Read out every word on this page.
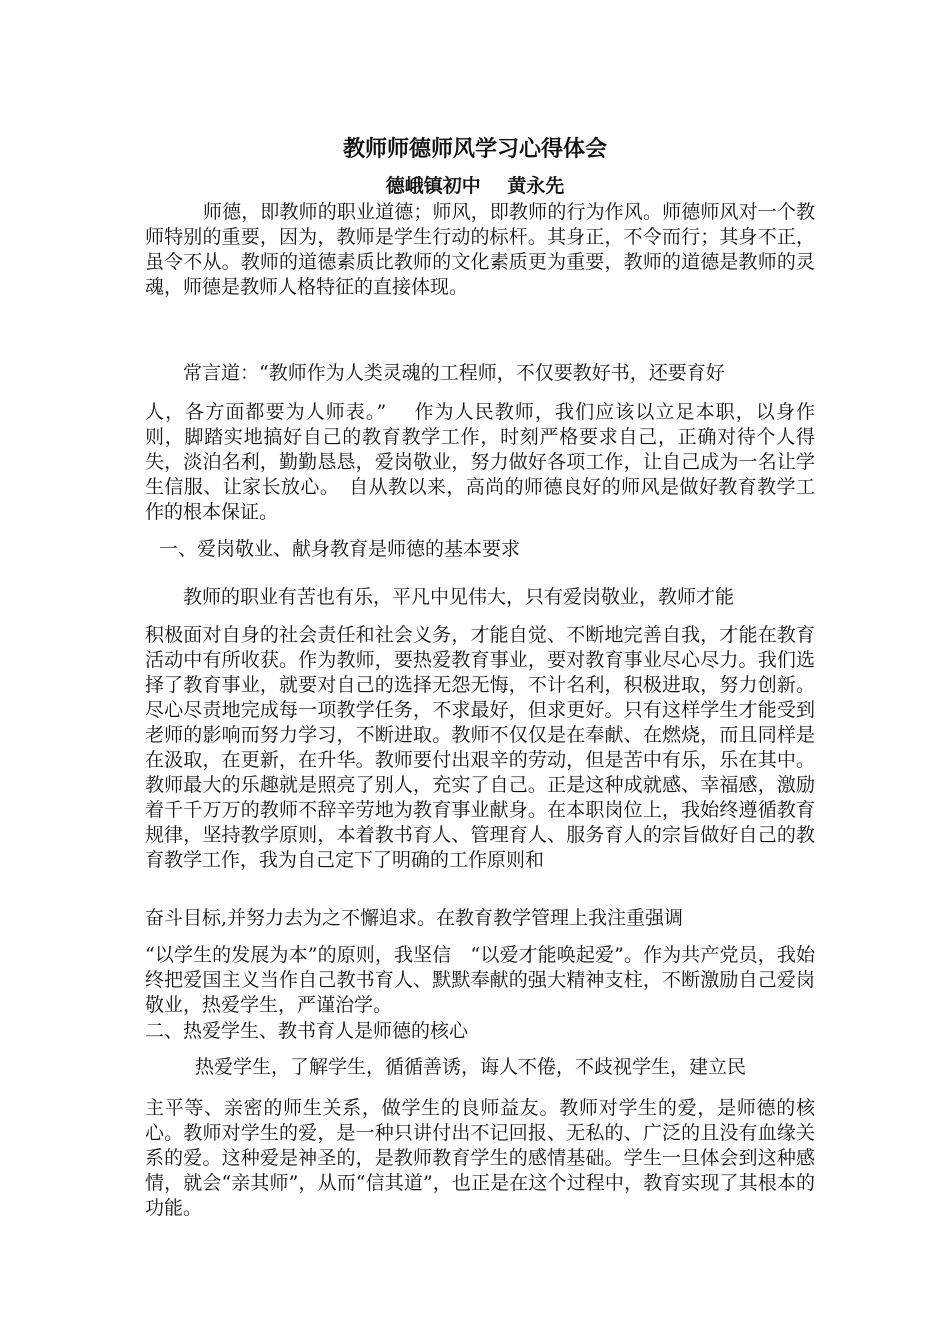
教师师德师风学习心得体会
德峨镇初中    黄永先

师德，即教师的职业道德；师风，即教师的行为作风。师德师风对一个教师特别的重要，因为，教师是学生行动的标杆。其身正，不令而行；其身不正，虽令不从。教师的道德素质比教师的文化素质更为重要，教师的道德是教师的灵魂，师德是教师人格特征的直接体现。

常言道：“教师作为人类灵魂的工程师，不仅要教好书，还要育好

人，各方面都要为人师表。”　 作为人民教师，我们应该以立足本职，以身作则，脚踏实地搞好自己的教育教学工作，时刻严格要求自己，正确对待个人得失，淡泊名利，勤勤恳恳，爱岗敬业，努力做好各项工作，让自己成为一名让学生信服、让家长放心。　自从教以来，高尚的师德良好的师风是做好教育教学工作的根本保证。

一、爱岗敬业、献身教育是师德的基本要求

教师的职业有苦也有乐，平凡中见伟大，只有爱岗敬业，教师才能

积极面对自身的社会责任和社会义务，才能自觉、不断地完善自我，才能在教育活动中有所收获。作为教师，要热爱教育事业，要对教育事业尽心尽力。我们选择了教育事业，就要对自己的选择无怨无悔，不计名利，积极进取，努力创新。尽心尽责地完成每一项教学任务，不求最好，但求更好。只有这样学生才能受到老师的影响而努力学习，不断进取。教师不仅仅是在奉献、在燃烧，而且同样是在汲取，在更新，在升华。教师要付出艰辛的劳动，但是苦中有乐，乐在其中。教师最大的乐趣就是照亮了别人，充实了自己。正是这种成就感、幸福感，激励着千千万万的教师不辞辛劳地为教育事业献身。在本职岗位上，我始终遵循教育规律，坚持教学原则，本着教书育人、管理育人、服务育人的宗旨做好自己的教育教学工作，我为自己定下了明确的工作原则和

奋斗目标,并努力去为之不懈追求。在教育教学管理上我注重强调

“以学生的发展为本”的原则，我坚信　“以爱才能唤起爱”。作为共产党员，我始终把爱国主义当作自己教书育人、默默奉献的强大精神支柱，不断激励自己爱岗敬业，热爱学生，严谨治学。

二、热爱学生、教书育人是师德的核心

热爱学生，了解学生，循循善诱，诲人不倦，不歧视学生，建立民

主平等、亲密的师生关系，做学生的良师益友。教师对学生的爱，是师德的核心。教师对学生的爱，是一种只讲付出不记回报、无私的、广泛的且没有血缘关系的爱。这种爱是神圣的，是教师教育学生的感情基础。学生一旦体会到这种感情，就会“亲其师”，从而“信其道”，也正是在这个过程中，教育实现了其根本的功能。
